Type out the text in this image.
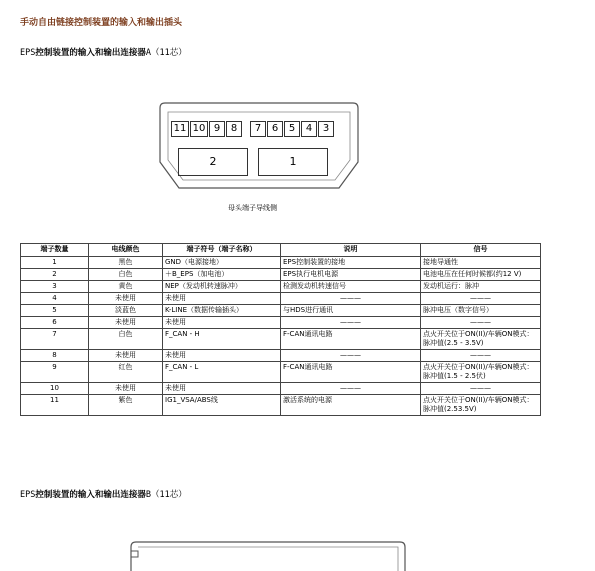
手动自由链接控制装置的输入和输出插头
EPS控制装置的输入和输出连接器A（11芯）
11 10 9	8	7	6	5	4	3
2	1
母头端子导线侧
端子数量	电线颜色	端子符号（端子名称）	说明	信号
1	黑色	GND（电源接地）	EPS控制装置的接地	接地导通性
2	白色	＋B_EPS（加电池）	EPS执行电机电源	电池电压在任何时候都(约12 V)
3	黄色	NEP（发动机转速脉冲）	检测发动机转速信号	发动机运行：脉冲
4	未使用	未使用	———	———
5	淡蓝色	K-LINE（数据传输插头）	与HDS进行通讯	脉冲电压（数字信号）
6	未使用	未使用	———	———
7	白色	F_CAN - H	F-CAN通讯电路	点火开关位于ON(II)/车辆ON模式：脉冲值(2.5 - 3.5V)
8	未使用	未使用	———	———
9	红色	F_CAN - L	F-CAN通讯电路	点火开关位于ON(II)/车辆ON模式：脉冲值(1.5 - 2.5伏)
10	未使用	未使用	———	———
11	紫色	IG1_VSA/ABS线	激活系统的电源	点火开关位于ON(II)/车辆ON模式：脉冲值(2.53.5V)
EPS控制装置的输入和输出连接器B（11芯）
